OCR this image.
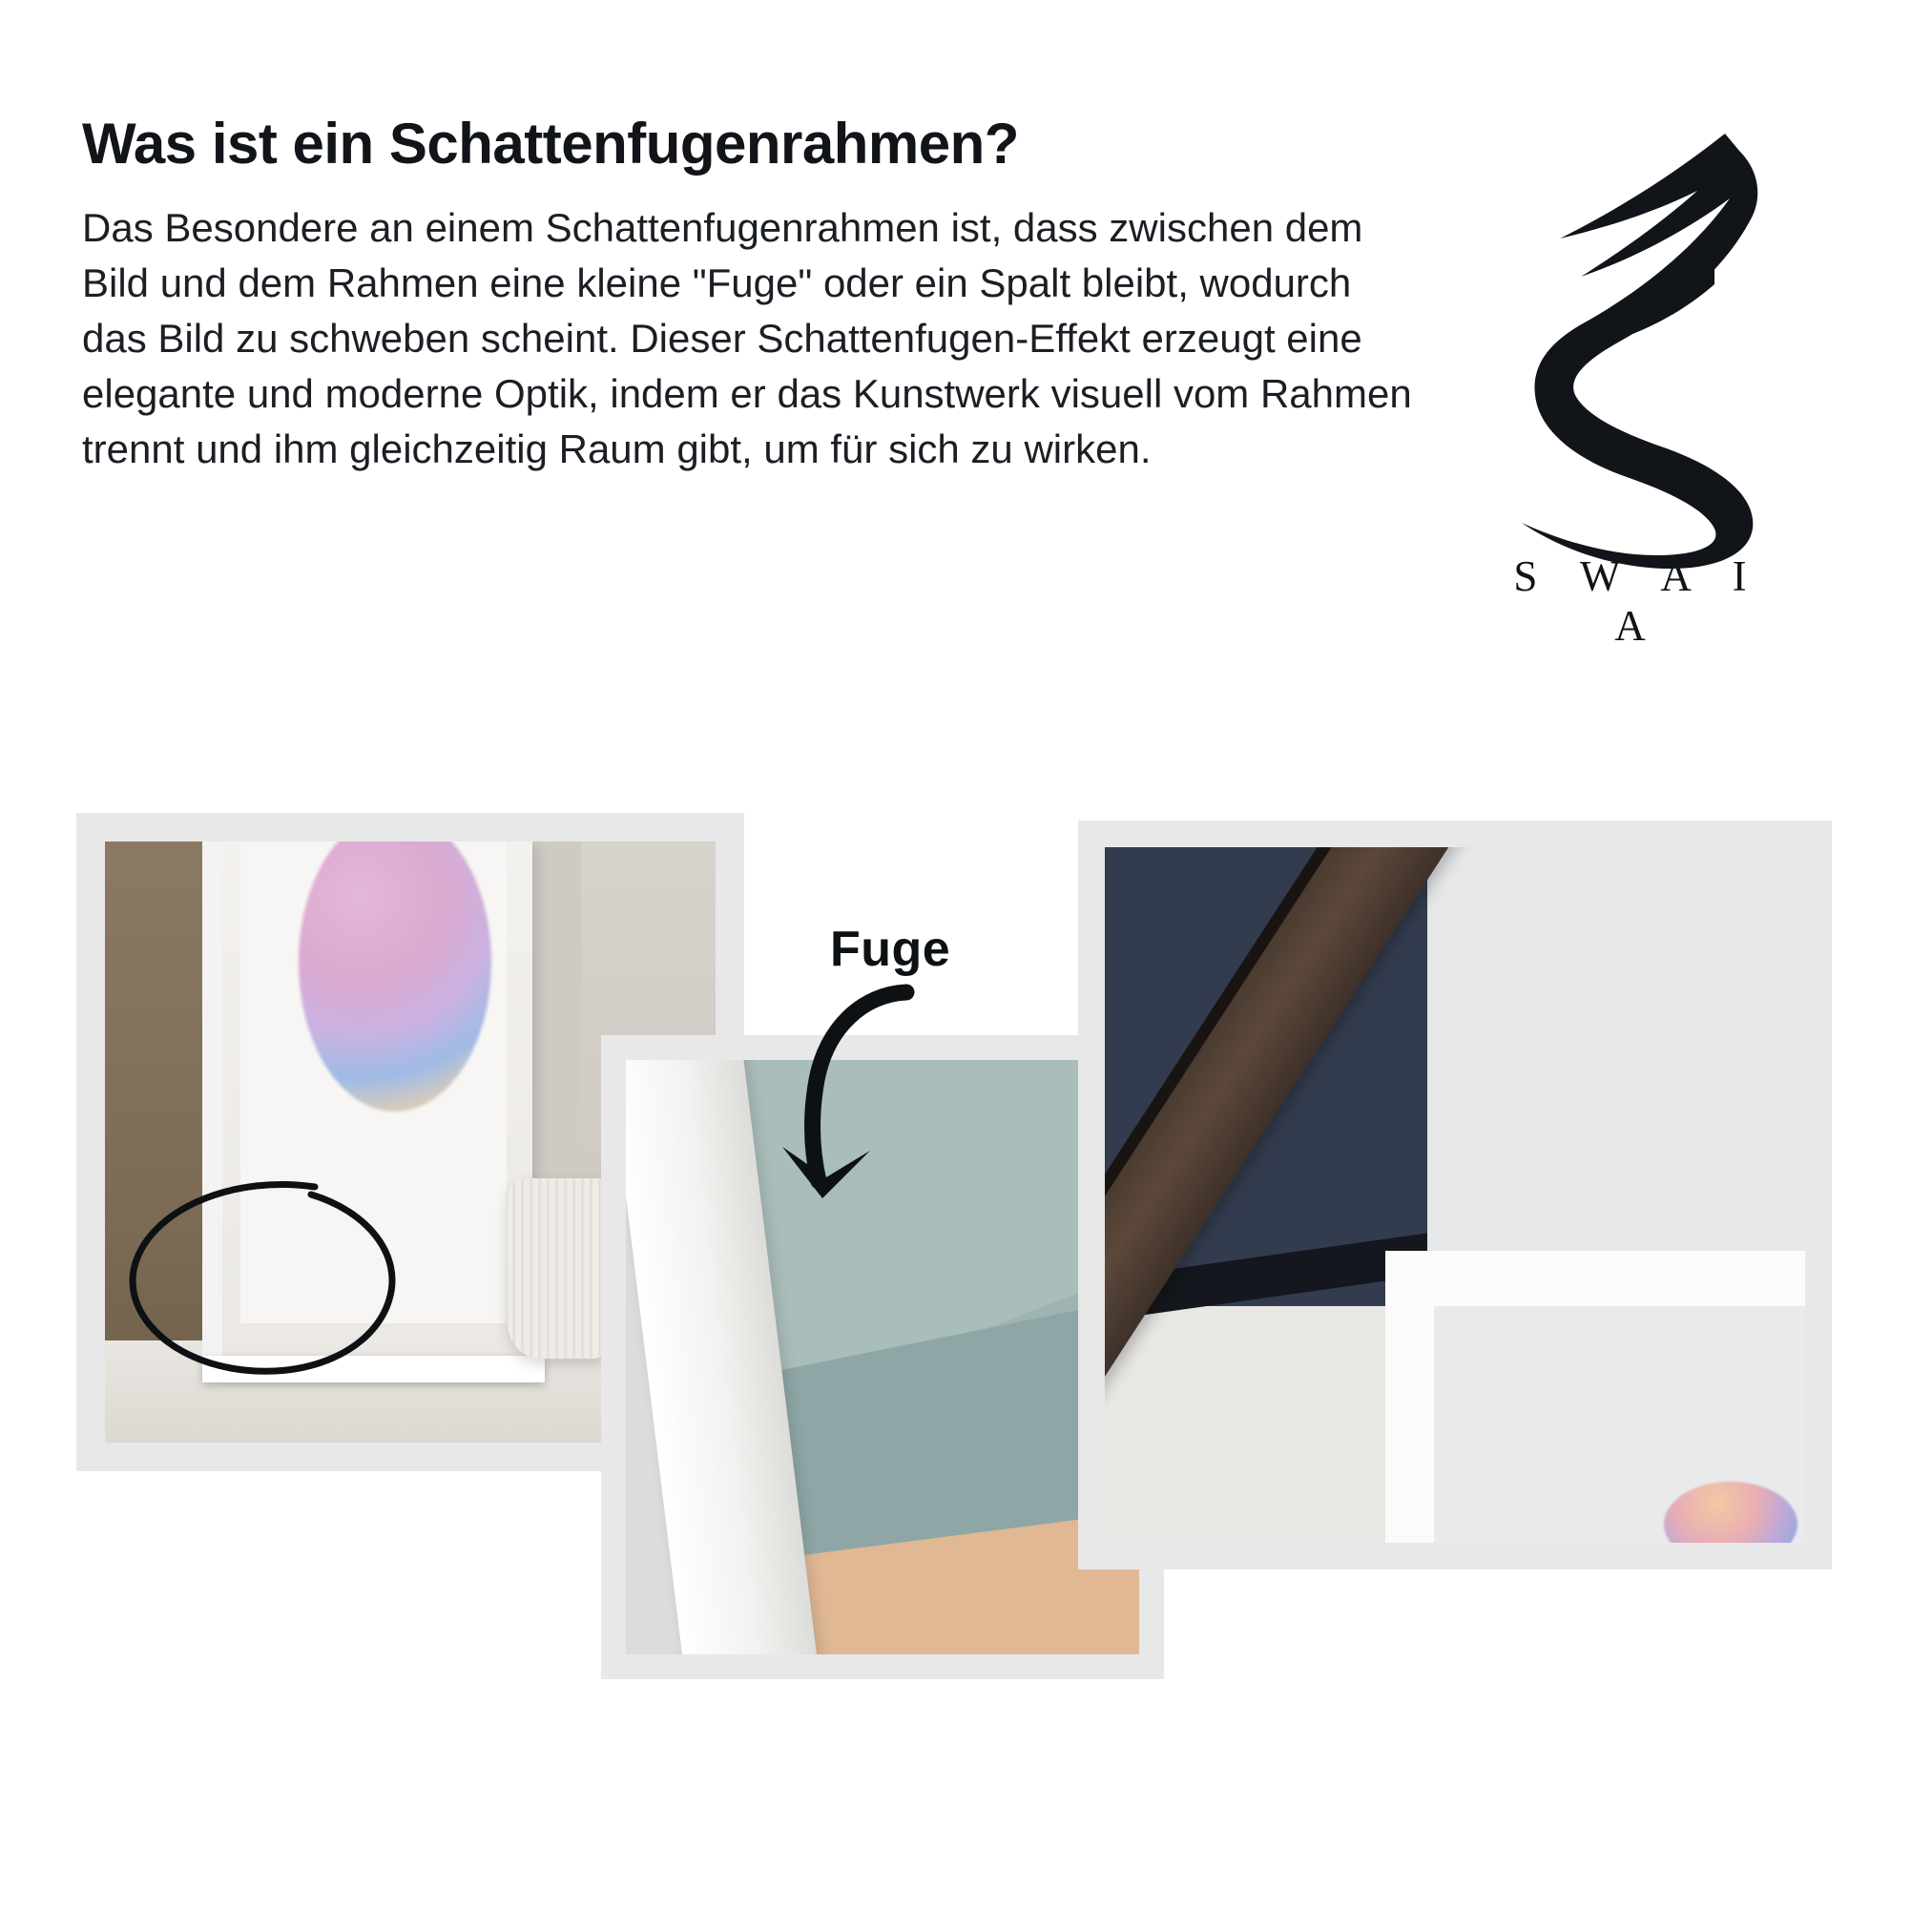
Was ist ein Schattenfugenrahmen?

Das Besondere an einem Schattenfugenrahmen ist, dass zwischen dem Bild und dem Rahmen eine kleine "Fuge" oder ein Spalt bleibt, wodurch das Bild zu schweben scheint. Dieser Schattenfugen-Effekt erzeugt eine elegante und moderne Optik, indem er das Kunstwerk visuell vom Rahmen trennt und ihm gleichzeitig Raum gibt, um für sich zu wirken.

S W A I A
Fuge
